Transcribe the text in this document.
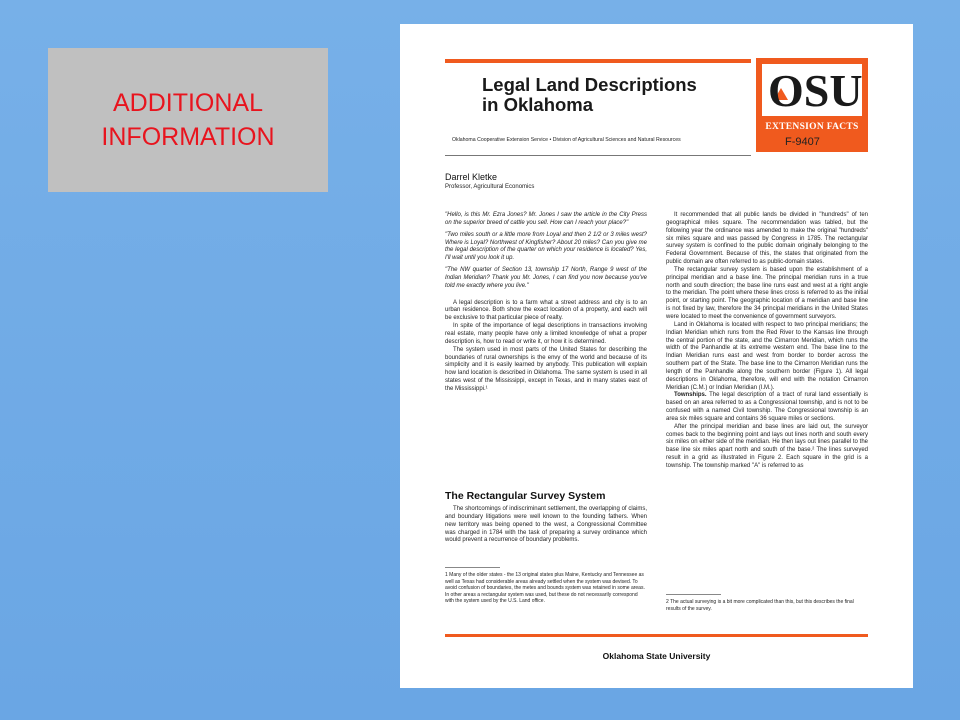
ADDITIONAL
INFORMATION
Legal Land Descriptions
in Oklahoma	OSU
EXTENSION FACTS
Oklahoma Cooperative Extension Service • Division of Agricultural Sciences and Natural Resources	F-9407
Darrel Kletke
Professor, Agricultural Economics

"Hello, is this Mr. Ezra Jones? Mr. Jones I saw the article in the City Press on the superior breed of cattle you sell. How can I reach your place?"

"Two miles south or a little more from Loyal and then 2 1/2 or 3 miles west? Where is Loyal? Northwest of Kingfisher? About 20 miles? Can you give me the legal description of the quarter on which your residence is located? Yes, I'll wait until you look it up.

"The NW quarter of Section 13, township 17 North, Range 9 west of the Indian Meridian? Thank you Mr. Jones, I can find you now because you've told me exactly where you live."

A legal description is to a farm what a street address and city is to an urban residence. Both show the exact location of a property, and each will be exclusive to that particular piece of realty.

In spite of the importance of legal descriptions in transactions involving real estate, many people have only a limited knowledge of what a proper description is, how to read or write it, or how it is determined.

The system used in most parts of the United States for describing the boundaries of rural ownerships is the envy of the world and because of its simplicity and it is easily learned by anybody. This publication will explain how land location is described in Oklahoma. The same system is used in all states west of the Mississippi, except in Texas, and in many states east of the Mississippi.¹

The Rectangular Survey System

The shortcomings of indiscriminant settlement, the overlapping of claims, and boundary litigations were well known to the founding fathers. When new territory was being opened to the west, a Congressional Committee was charged in 1784 with the task of preparing a survey ordinance which would prevent a recurrence of boundary problems.

1 Many of the older states - the 13 original states plus Maine, Kentucky and Tennessee as well as Texas had considerable areas already settled when the system was devised. To avoid confusion of boundaries, the metes and bounds system was retained in some areas. In other areas a rectangular system was used, but these do not necessarily correspond with the system used by the U.S. Land office.

It recommended that all public lands be divided in "hundreds" of ten geographical miles square. The recommendation was tabled, but the following year the ordinance was amended to make the original "hundreds" six miles square and was passed by Congress in 1785. The rectangular survey system is confined to the public domain originally belonging to the Federal Government. Because of this, the states that originated from the public domain are often referred to as public-domain states.

The rectangular survey system is based upon the establishment of a principal meridian and a base line. The principal meridian runs in a true north and south direction; the base line runs east and west at a right angle to the meridian. The point where these lines cross is referred to as the initial point, or starting point. The geographic location of a meridian and base line is not fixed by law, therefore the 34 principal meridians in the United States were located to meet the convenience of government surveyors.

Land in Oklahoma is located with respect to two principal meridians; the Indian Meridian which runs from the Red River to the Kansas line through the central portion of the state, and the Cimarron Meridian, which runs the width of the Panhandle at its extreme western end. The base line to the Indian Meridian runs east and west from border to border across the southern part of the State. The base line to the Cimarron Meridian runs the length of the Panhandle along the southern border (Figure 1). All legal descriptions in Oklahoma, therefore, will end with the notation Cimarron Meridian (C.M.) or Indian Meridian (I.M.).

Townships. The legal description of a tract of rural land essentially is based on an area referred to as a Congressional township, and is not to be confused with a named Civil township. The Congressional township is an area six miles square and contains 36 square miles or sections.

After the principal meridian and base lines are laid out, the surveyor comes back to the beginning point and lays out lines north and south every six miles on either side of the meridian. He then lays out lines parallel to the base line six miles apart north and south of the base.² The lines surveyed result in a grid as illustrated in Figure 2. Each square in the grid is a township. The township marked "A" is referred to as

2 The actual surveying is a bit more complicated than this, but this describes the final results of the survey.
Oklahoma State University
